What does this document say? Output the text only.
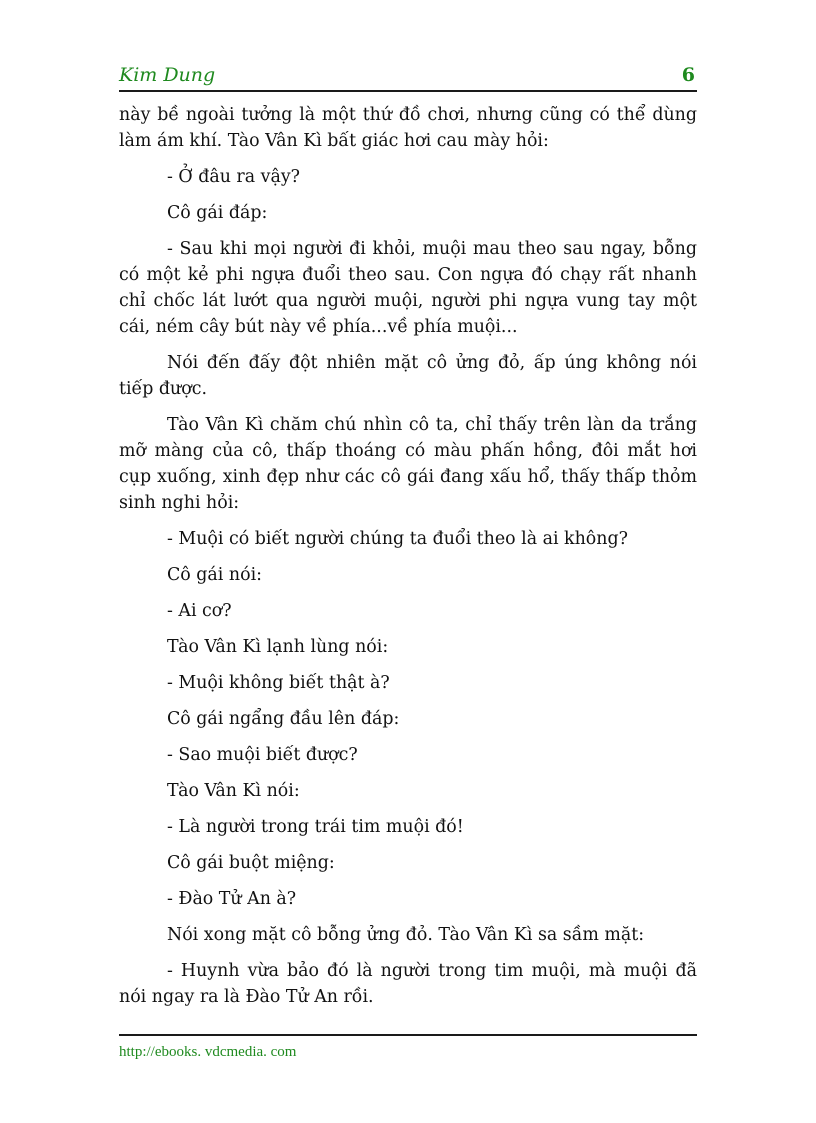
Kim Dung	6

này bề ngoài tưởng là một thứ đồ chơi, nhưng cũng có thể dùng làm ám khí. Tào Vân Kì bất giác hơi cau mày hỏi:

- Ở đâu ra vậy?

Cô gái đáp:

- Sau khi mọi người đi khỏi, muội mau theo sau ngay, bỗng có một kẻ phi ngựa đuổi theo sau. Con ngựa đó chạy rất nhanh chỉ chốc lát lướt qua người muội, người phi ngựa vung tay một cái, ném cây bút này về phía...về phía muội...

Nói đến đấy đột nhiên mặt cô ửng đỏ, ấp úng không nói tiếp được.

Tào Vân Kì chăm chú nhìn cô ta, chỉ thấy trên làn da trắng mỡ màng của cô, thấp thoáng có màu phấn hồng, đôi mắt hơi cụp xuống, xinh đẹp như các cô gái đang xấu hổ, thấy thấp thỏm sinh nghi hỏi:

- Muội có biết người chúng ta đuổi theo là ai không?

Cô gái nói:

- Ai cơ?

Tào Vân Kì lạnh lùng nói:

- Muội không biết thật à?

Cô gái ngẩng đầu lên đáp:

- Sao muội biết được?

Tào Vân Kì nói:

- Là người trong trái tim muội đó!

Cô gái buột miệng:

- Đào Tử An à?

Nói xong mặt cô bỗng ửng đỏ. Tào Vân Kì sa sầm mặt:

- Huynh vừa bảo đó là người trong tim muội, mà muội đã nói ngay ra là Đào Tử An rồi.

http://ebooks. vdcmedia. com
